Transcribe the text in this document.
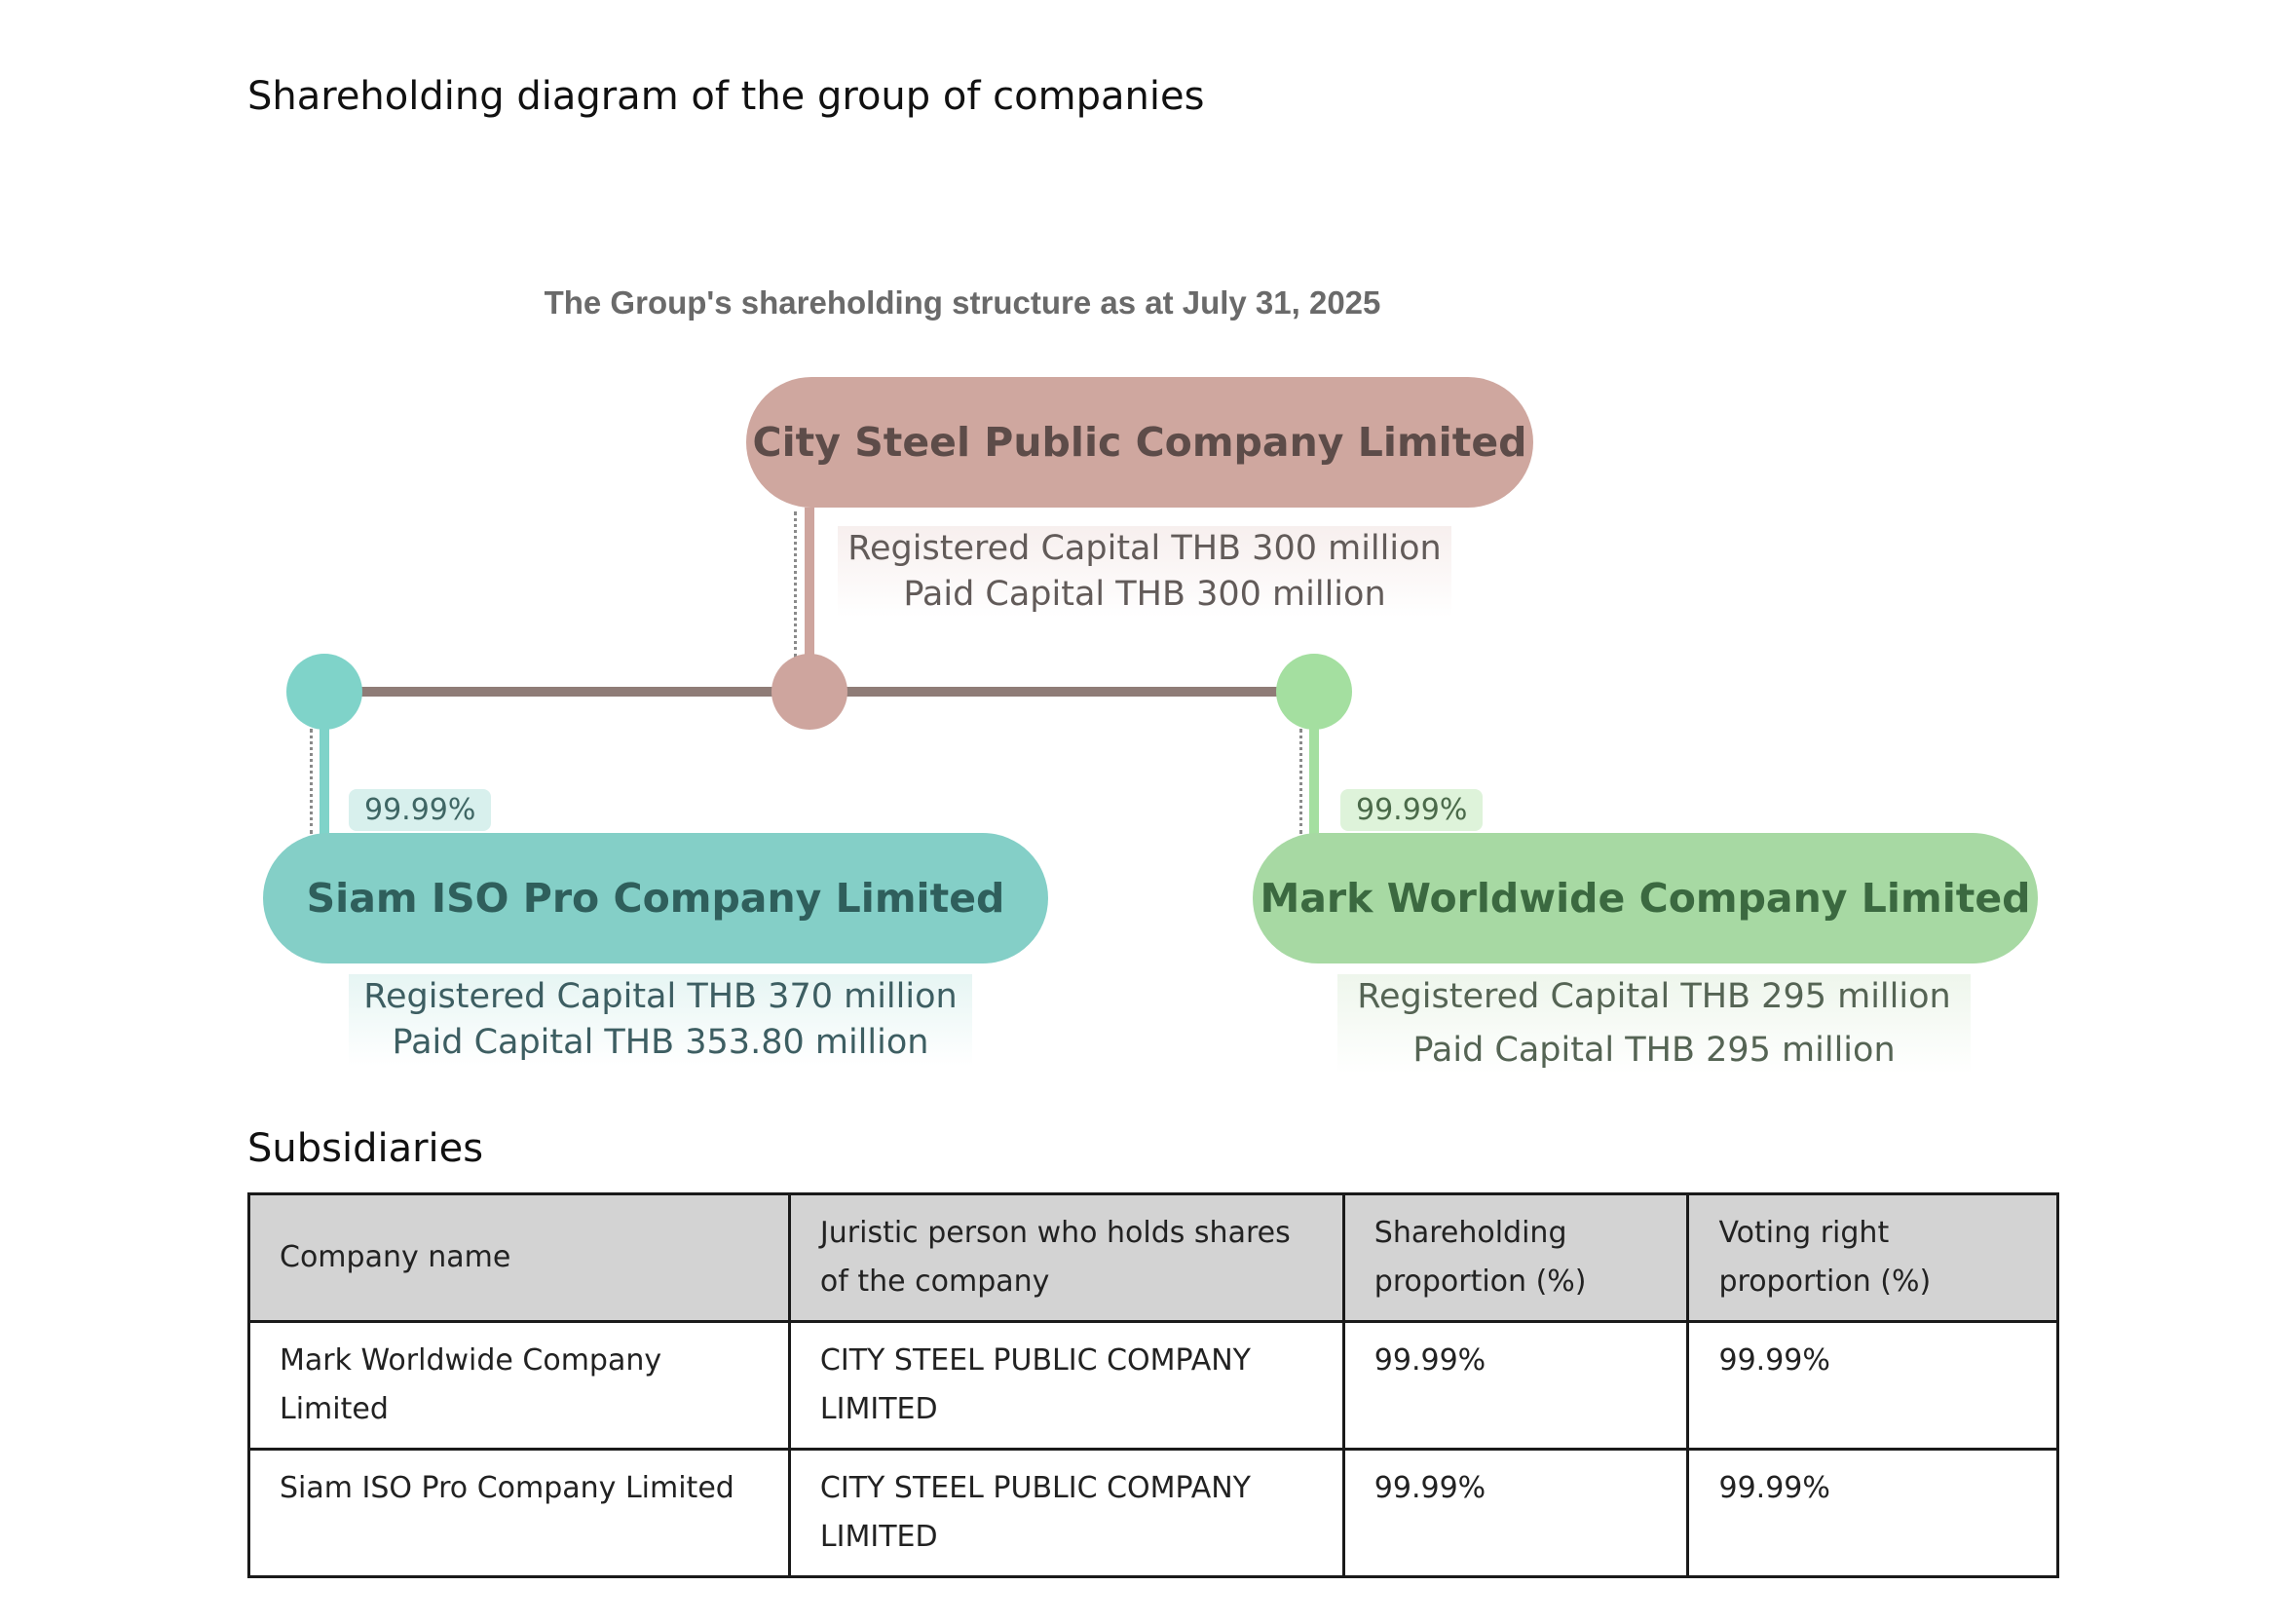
Shareholding diagram of the group of companies
The Group's shareholding structure as at July 31, 2025
City Steel Public Company Limited
Registered Capital THB 300 million
Paid Capital THB 300 million
99.99%
Siam ISO Pro Company Limited
Registered Capital THB 370 million
Paid Capital THB 353.80 million
99.99%
Mark Worldwide Company Limited
Registered Capital THB 295 million
Paid Capital THB 295 million
Subsidiaries
Company name	Juristic person who holds shares of the company	Shareholding proportion (%)	Voting right proportion (%)
Mark Worldwide Company Limited	CITY STEEL PUBLIC COMPANY LIMITED	99.99%	99.99%
Siam ISO Pro Company Limited	CITY STEEL PUBLIC COMPANY LIMITED	99.99%	99.99%
